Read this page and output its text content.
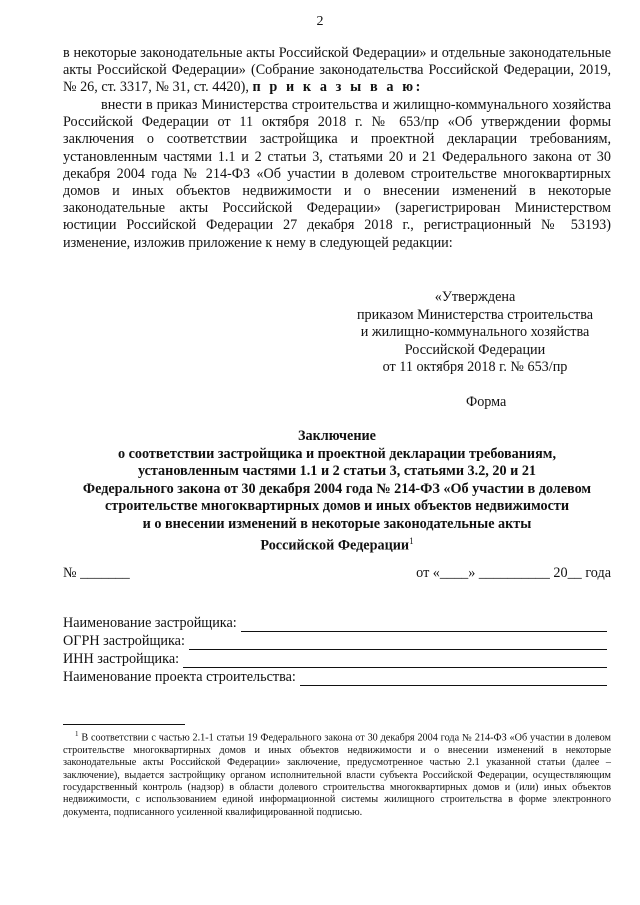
2
в некоторые законодательные акты Российской Федерации» и отдельные законодательные акты Российской Федерации» (Собрание законодательства Российской Федерации, 2019, № 26, ст. 3317, № 31, ст. 4420), п р и к а з ы в а ю:
внести в приказ Министерства строительства и жилищно-коммунального хозяйства Российской Федерации от 11 октября 2018 г. № 653/пр «Об утверждении формы заключения о соответствии застройщика и проектной декларации требованиям, установленным частями 1.1 и 2 статьи 3, статьями 20 и 21 Федерального закона от 30 декабря 2004 года № 214-ФЗ «Об участии в долевом строительстве многоквартирных домов и иных объектов недвижимости и о внесении изменений в некоторые законодательные акты Российской Федерации» (зарегистрирован Министерством юстиции Российской Федерации 27 декабря 2018 г., регистрационный № 53193) изменение, изложив приложение к нему в следующей редакции:
«Утверждена
приказом Министерства строительства
и жилищно-коммунального хозяйства
Российской Федерации
от 11 октября 2018 г. № 653/пр
Форма
Заключение
о соответствии застройщика и проектной декларации требованиям,
установленным частями 1.1 и 2 статьи 3, статьями 3.2, 20 и 21
Федерального закона от 30 декабря 2004 года № 214-ФЗ «Об участии в долевом
строительстве многоквартирных домов и иных объектов недвижимости
и о внесении изменений в некоторые законодательные акты
Российской Федерации$^1$
№ _______	от «____» __________ 20__ года
Наименование застройщика:
ОГРН застройщика:
ИНН застройщика:
Наименование проекта строительства:
$^1$ В соответствии с частью 2.1-1 статьи 19 Федерального закона от 30 декабря 2004 года № 214-ФЗ «Об участии в долевом строительстве многоквартирных домов и иных объектов недвижимости и о внесении изменений в некоторые законодательные акты Российской Федерации» заключение, предусмотренное частью 2.1 указанной статьи (далее – заключение), выдается застройщику органом исполнительной власти субъекта Российской Федерации, осуществляющим государственный контроль (надзор) в области долевого строительства многоквартирных домов и (или) иных объектов недвижимости, с использованием единой информационной системы жилищного строительства в форме электронного документа, подписанного усиленной квалифицированной подписью.
